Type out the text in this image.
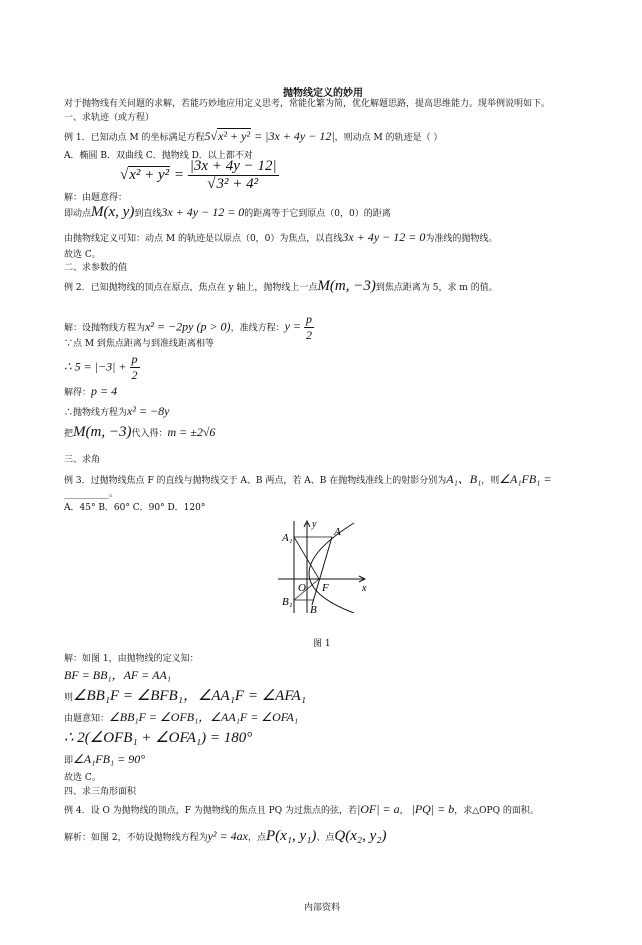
抛物线定义的妙用
对于抛物线有关问题的求解，若能巧妙地应用定义思考，常能化繁为简，优化解题思路，提高思维能力。现举例说明如下。
一、求轨迹（或方程）
例 1．已知动点 M 的坐标满足方程5√x² + y² = |3x + 4y − 12|，则动点 M 的轨迹是（ ）
A．椭圆 B．双曲线 C．抛物线 D．以上都不对
$√x^2 + y^2 = \frac{|3x + 4y - 12|}{\text{√3² + 4²}}$
解：由题意得：
即动点M(x, y)到直线3x + 4y − 12 = 0的距离等于它到原点（0，0）的距离
由抛物线定义可知：动点 M 的轨迹是以原点（0，0）为焦点，以直线3x + 4y − 12 = 0为准线的抛物线。
故选 C。
二、求参数的值
例 2．已知抛物线的顶点在原点，焦点在 y 轴上，抛物线上一点M(m, −3)到焦点距离为 5，求 m 的值。
解：设抛物线方程为x² = −2py (p > 0)，准线方程：$y = \frac{p}{2}$
∵点 M 到焦点距离与到准线距离相等
∴ $5 = |-3| + \frac{p}{2}$
解得：p = 4
∴抛物线方程为x² = −8y
把M(m, −3)代入得：m = ±2√6
三、求角
例 3．过抛物线焦点 F 的直线与抛物线交于 A、B 两点，若 A、B 在抛物线准线上的射影分别为A₁、B₁，则∠A₁FB₁ =
__________。
A．45° B．60° C．90° D．120°
y
x
A
A₁
O F
B₁
B
图 1
解：如图 1，由抛物线的定义知：
BF = BB₁，AF = AA₁
则∠BB₁F = ∠BFB₁，∠AA₁F = ∠AFA₁
由题意知：∠BB₁F = ∠OFB₁，∠AA₁F = ∠OFA₁
∴ 2(∠OFB₁ + ∠OFA₁) = 180°
即∠A₁FB₁ = 90°
故选 C。
四、求三角形面积
例 4．设 O 为抛物线的顶点，F 为抛物线的焦点且 PQ 为过焦点的弦，若|OF| = a， |PQ| = b，求△OPQ 的面积。
解析：如图 2，不妨设抛物线方程为y² = 4ax，点P(x₁, y₁)、点Q(x₂, y₂)
内部资料
